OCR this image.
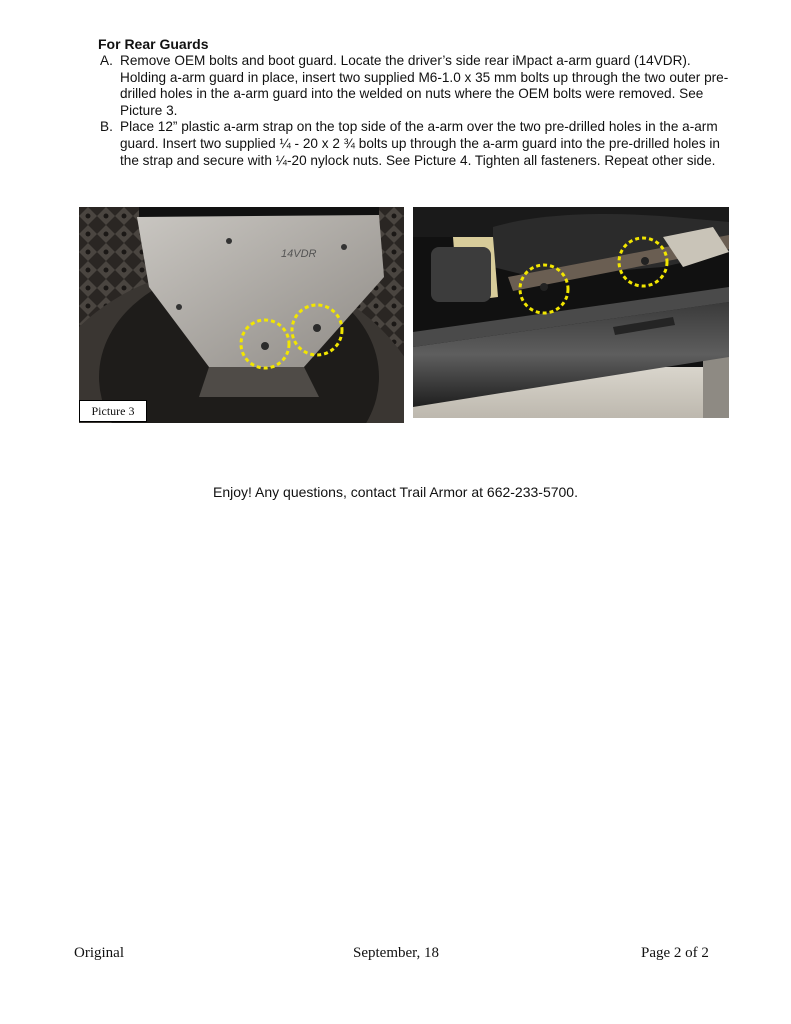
For Rear Guards

A. Remove OEM bolts and boot guard. Locate the driver’s side rear iMpact a-arm guard (14VDR). Holding a-arm guard in place, insert two supplied M6-1.0 x 35 mm bolts up through the two outer pre-drilled holes in the a-arm guard into the welded on nuts where the OEM bolts were removed. See Picture 3.

B. Place 12” plastic a-arm strap on the top side of the a-arm over the two pre-drilled holes in the a-arm guard. Insert two supplied ¼ - 20 x 2 ¾ bolts up through the a-arm guard into the pre-drilled holes in the strap and secure with ¼-20 nylock nuts. See Picture 4. Tighten all fasteners. Repeat other side.

14VDR
Picture 3
Enjoy! Any questions, contact Trail Armor at 662-233-5700.
Original	September, 18	Page 2 of 2
